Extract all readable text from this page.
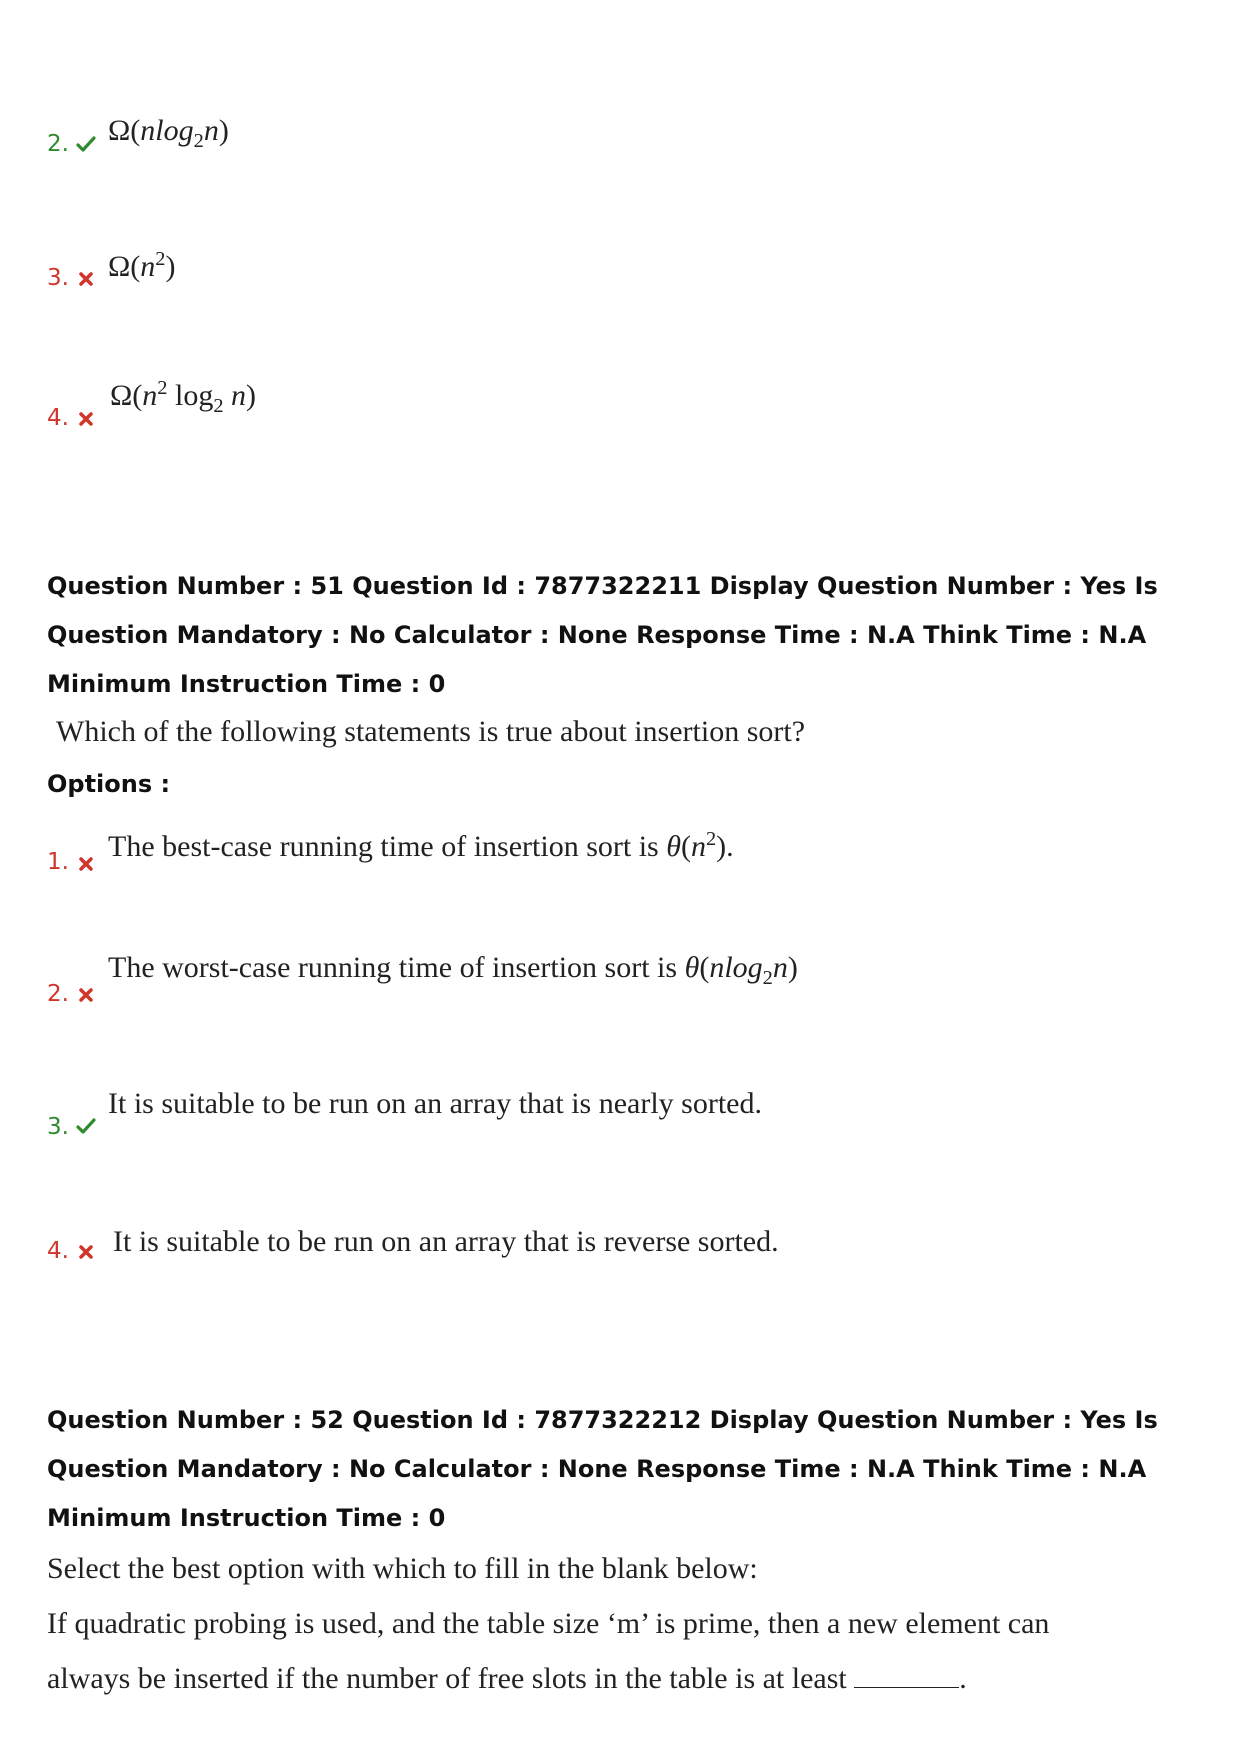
2. Ω(nlog$_2$n)
3. $\Omega(n^2)$
4.
$\Omega(n^2$ $\log_2 n$)
Question Number : 51 Question Id : 7877322211 Display Question Number : Yes Is Question Mandatory : No Calculator : None Response Time : N.A Think Time : N.A Minimum Instruction Time : 0
Which of the following statements is true about insertion sort?
Options :
1. The best-case running time of insertion sort is $\theta(n^2)$.
2.
The worst-case running time of insertion sort is θ(nlog$_2$n)
3.
It is suitable to be run on an array that is nearly sorted.
4. It is suitable to be run on an array that is reverse sorted.
Question Number : 52 Question Id : 7877322212 Display Question Number : Yes Is Question Mandatory : No Calculator : None Response Time : N.A Think Time : N.A Minimum Instruction Time : 0
Select the best option with which to fill in the blank below:
If quadratic probing is used, and the table size ‘m’ is prime, then a new element can
always be inserted if the number of free slots in the table is at least	.
